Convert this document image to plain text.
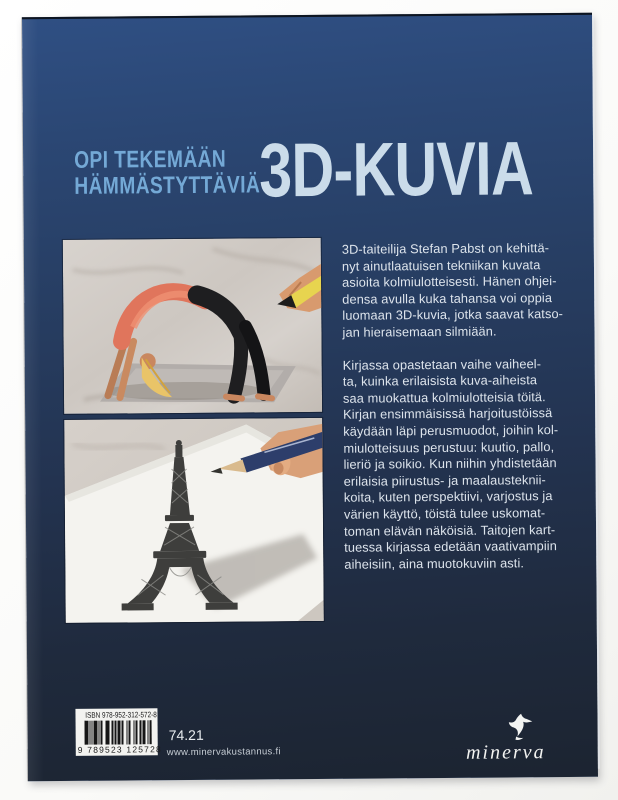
OPI TEKEMÄÄN
HÄMMÄSTYTTÄVIÄ
3D-KUVIA

3D-taiteilija Stefan Pabst on kehittä-
nyt ainutlaatuisen tekniikan kuvata
asioita kolmiulotteisesti. Hänen ohjei-
densa avulla kuka tahansa voi oppia
luomaan 3D-kuvia, jotka saavat katso-
jan hieraisemaan silmiään.

Kirjassa opastetaan vaihe vaiheel-
ta, kuinka erilaisista kuva-aiheista
saa muokattua kolmiulotteisia töitä.
Kirjan ensimmäisissä harjoitustöissä
käydään läpi perusmuodot, joihin kol-
miulotteisuus perustuu: kuutio, pallo,
lieriö ja soikio. Kun niihin yhdistetään
erilaisia piirustus- ja maalausteknii-
koita, kuten perspektiivi, varjostus ja
värien käyttö, töistä tulee uskomat-
toman elävän näköisiä. Taitojen kart-
tuessa kirjassa edetään vaativampiin
aiheisiin, aina muotokuviin asti.

ISBN 978-952-312-572-8
9 789523 125728
74.21
www.minervakustannus.fi	minerva
